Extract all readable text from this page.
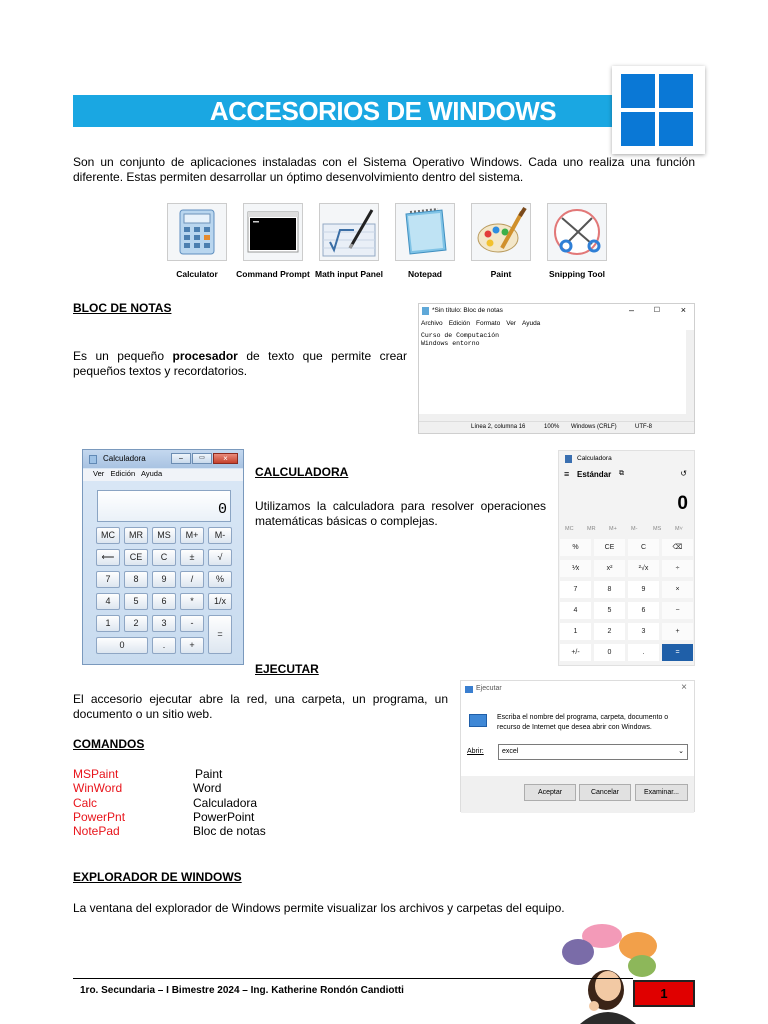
ACCESORIOS DE WINDOWS
Son un conjunto de aplicaciones instaladas con el Sistema Operativo Windows. Cada uno realiza una función diferente. Estas permiten desarrollar un óptimo desenvolvimiento dentro del sistema.
Calculator	Command Prompt Math input Panel	Notepad	Paint	Snipping Tool
BLOC DE NOTAS
Es un pequeño procesador de texto que permite crear pequeños textos y recordatorios.
*Sin título: Bloc de notas	–	☐ ×
Archivo Edición Formato Ver Ayuda
Curso de Computación
Windows entorno
Línea 2, columna 16	100% Windows (CRLF)	UTF-8
Calculadora	–	▭	×
Ver Edición Ayuda
0
MC	MR	MS	M+	M-
⟵	CE	C	±	√
7	8	9	/	%
4	5	6	*	1/x
1	2	3	-
=
0	.	+
CALCULADORA
Utilizamos la calculadora para resolver operaciones matemáticas básicas o complejas.
Calculadora
≡ Estándar ⧉	↺
0
MC MR M+	M-	MS	M˅
%	CE	C	⌫
⅟x	x²	²√x	÷
7	8	9	×
4	5	6	−
1	2	3	+
+/-	0	.	=
EJECUTAR
El accesorio ejecutar abre la red, una carpeta, un programa, un documento o un sitio web.
Ejecutar	×
Escriba el nombre del programa, carpeta, documento o recurso de Internet que desea abrir con Windows.
Abrir:	excel	⌄
Aceptar	Cancelar	Examinar...
COMANDOS
MSPaint	Paint
WinWord	Word
Calc	Calculadora
PowerPnt	PowerPoint
NotePad	Bloc de notas
EXPLORADOR DE WINDOWS
La ventana del explorador de Windows permite visualizar los archivos y carpetas del equipo.
1ro. Secundaria – I Bimestre 2024 – Ing. Katherine Rondón Candiotti	1
